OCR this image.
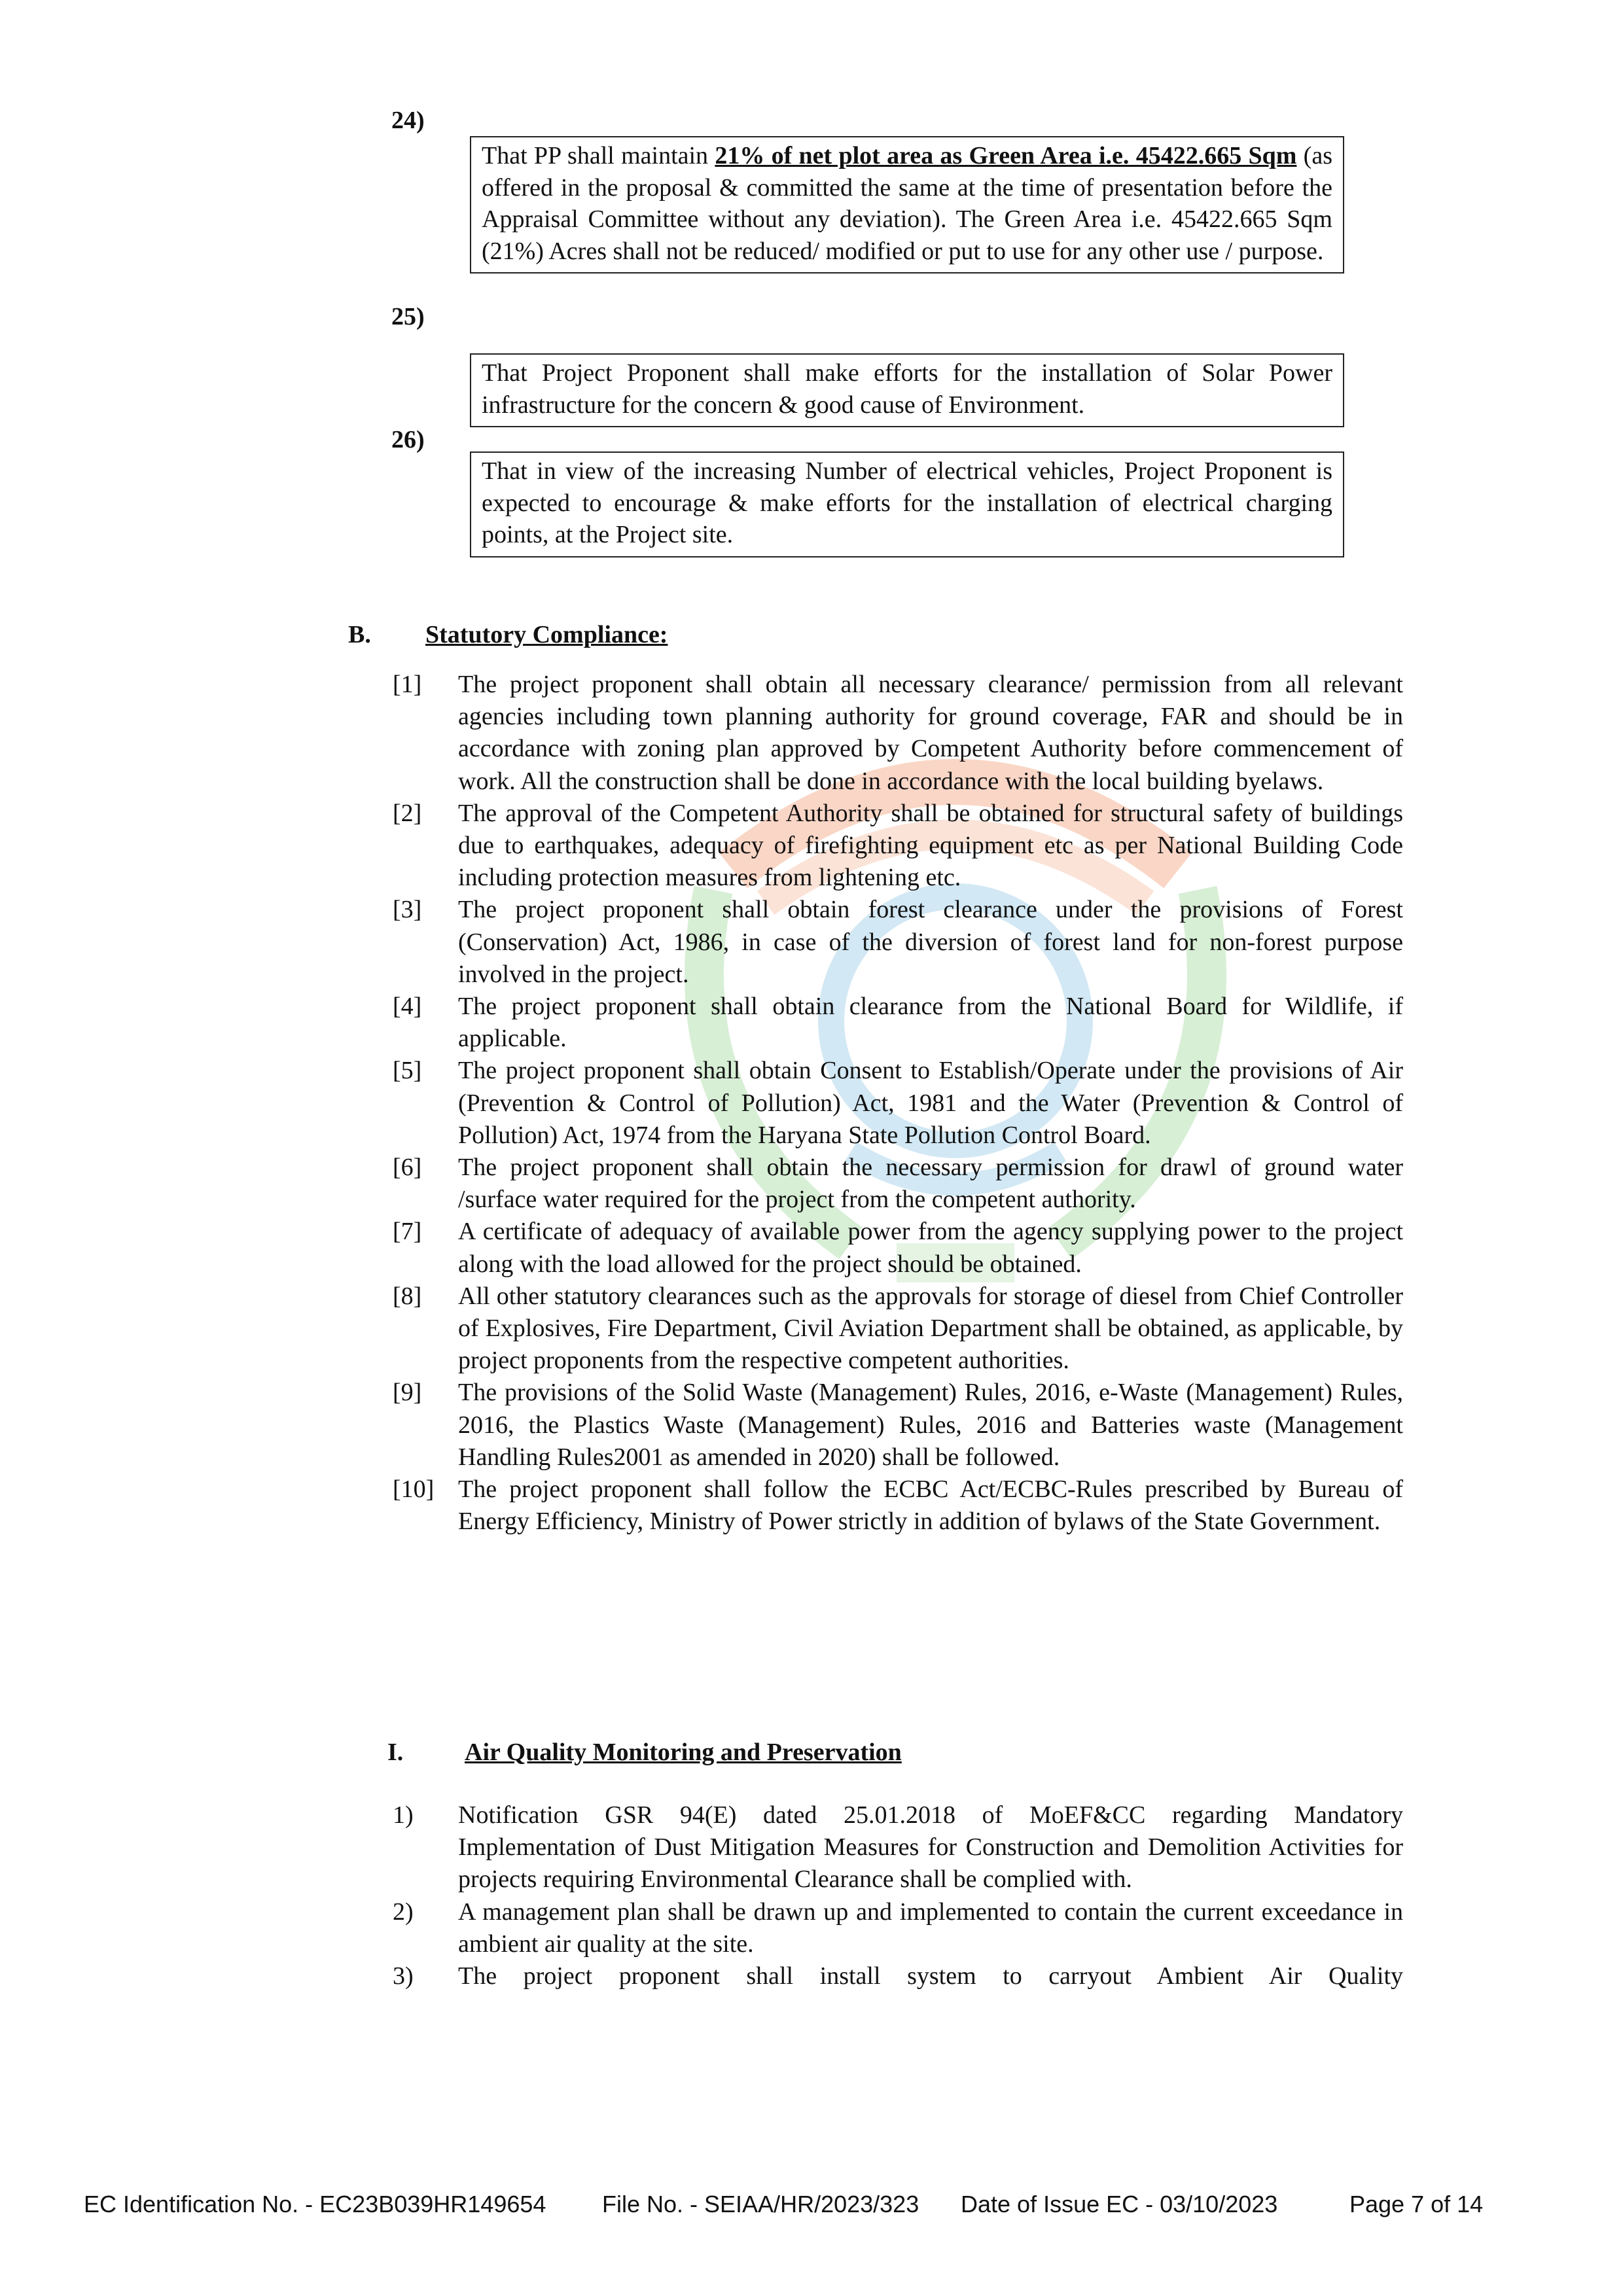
24)
That PP shall maintain 21% of net plot area as Green Area i.e. 45422.665 Sqm (as offered in the proposal & committed the same at the time of presentation before the Appraisal Committee without any deviation). The Green Area i.e. 45422.665 Sqm (21%) Acres shall not be reduced/ modified or put to use for any other use / purpose.
25)
That Project Proponent shall make efforts for the installation of Solar Power infrastructure for the concern & good cause of Environment.
26)
That in view of the increasing Number of electrical vehicles, Project Proponent is expected to encourage & make efforts for the installation of electrical charging points, at the Project site.
B. Statutory Compliance:
[1] The project proponent shall obtain all necessary clearance/ permission from all relevant agencies including town planning authority for ground coverage, FAR and should be in accordance with zoning plan approved by Competent Authority before commencement of work. All the construction shall be done in accordance with the local building byelaws.
[2] The approval of the Competent Authority shall be obtained for structural safety of buildings due to earthquakes, adequacy of firefighting equipment etc as per National Building Code including protection measures from lightening etc.
[3] The project proponent shall obtain forest clearance under the provisions of Forest (Conservation) Act, 1986, in case of the diversion of forest land for non-forest purpose involved in the project.
[4] The project proponent shall obtain clearance from the National Board for Wildlife, if applicable.
[5] The project proponent shall obtain Consent to Establish/Operate under the provisions of Air (Prevention & Control of Pollution) Act, 1981 and the Water (Prevention & Control of Pollution) Act, 1974 from the Haryana State Pollution Control Board.
[6] The project proponent shall obtain the necessary permission for drawl of ground water /surface water required for the project from the competent authority.
[7] A certificate of adequacy of available power from the agency supplying power to the project along with the load allowed for the project should be obtained.
[8] All other statutory clearances such as the approvals for storage of diesel from Chief Controller of Explosives, Fire Department, Civil Aviation Department shall be obtained, as applicable, by project proponents from the respective competent authorities.
[9] The provisions of the Solid Waste (Management) Rules, 2016, e-Waste (Management) Rules, 2016, the Plastics Waste (Management) Rules, 2016 and Batteries waste (Management Handling Rules2001 as amended in 2020) shall be followed.
[10] The project proponent shall follow the ECBC Act/ECBC-Rules prescribed by Bureau of Energy Efficiency, Ministry of Power strictly in addition of bylaws of the State Government.
I. Air Quality Monitoring and Preservation
1) Notification GSR 94(E) dated 25.01.2018 of MoEF&CC regarding Mandatory Implementation of Dust Mitigation Measures for Construction and Demolition Activities for projects requiring Environmental Clearance shall be complied with.
2) A management plan shall be drawn up and implemented to contain the current exceedance in ambient air quality at the site.
3) The project proponent shall install system to carryout Ambient Air Quality
EC Identification No. - EC23B039HR149654 File No. - SEIAA/HR/2023/323 Date of Issue EC - 03/10/2023	Page 7 of 14
